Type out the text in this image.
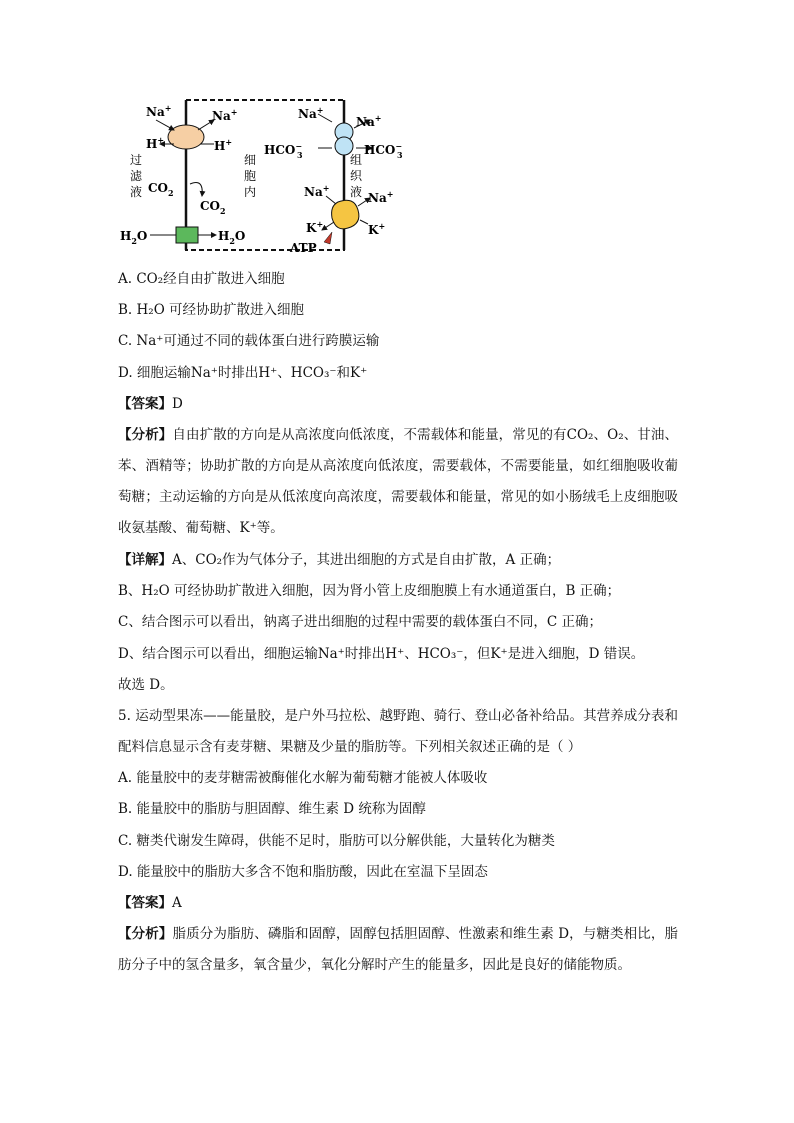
Na+
Na+
H+	H+
$CO_2$
$CO_2$
过 滤 液
细 胞 内
组 织 液
$H_2O$	$H_2O$
Na+
Na+
HCO− 3	HCO− 3
Na+
Na+
K+	K+
ATP
A. CO₂经自由扩散进入细胞
B. H₂O 可经协助扩散进入细胞
C. Na⁺可通过不同的载体蛋白进行跨膜运输
D. 细胞运输Na⁺时排出H⁺、HCO₃⁻和K⁺
【答案】D
【分析】自由扩散的方向是从高浓度向低浓度，不需载体和能量，常见的有CO₂、O₂、甘油、苯、酒精等；协助扩散的方向是从高浓度向低浓度，需要载体，不需要能量，如红细胞吸收葡萄糖；主动运输的方向是从低浓度向高浓度，需要载体和能量，常见的如小肠绒毛上皮细胞吸收氨基酸、葡萄糖、K⁺等。
【详解】A、CO₂作为气体分子，其进出细胞的方式是自由扩散，A 正确；
B、H₂O 可经协助扩散进入细胞，因为肾小管上皮细胞膜上有水通道蛋白，B 正确；
C、结合图示可以看出，钠离子进出细胞的过程中需要的载体蛋白不同，C 正确；
D、结合图示可以看出，细胞运输Na⁺时排出H⁺、HCO₃⁻，但K⁺是进入细胞，D 错误。
故选 D。
5. 运动型果冻——能量胶，是户外马拉松、越野跑、骑行、登山必备补给品。其营养成分表和配料信息显示含有麦芽糖、果糖及少量的脂肪等。下列相关叙述正确的是（ ）
A. 能量胶中的麦芽糖需被酶催化水解为葡萄糖才能被人体吸收
B. 能量胶中的脂肪与胆固醇、维生素 D 统称为固醇
C. 糖类代谢发生障碍，供能不足时，脂肪可以分解供能，大量转化为糖类
D. 能量胶中的脂肪大多含不饱和脂肪酸，因此在室温下呈固态
【答案】A
【分析】脂质分为脂肪、磷脂和固醇，固醇包括胆固醇、性激素和维生素 D，与糖类相比，脂肪分子中的氢含量多，氧含量少，氧化分解时产生的能量多，因此是良好的储能物质。
